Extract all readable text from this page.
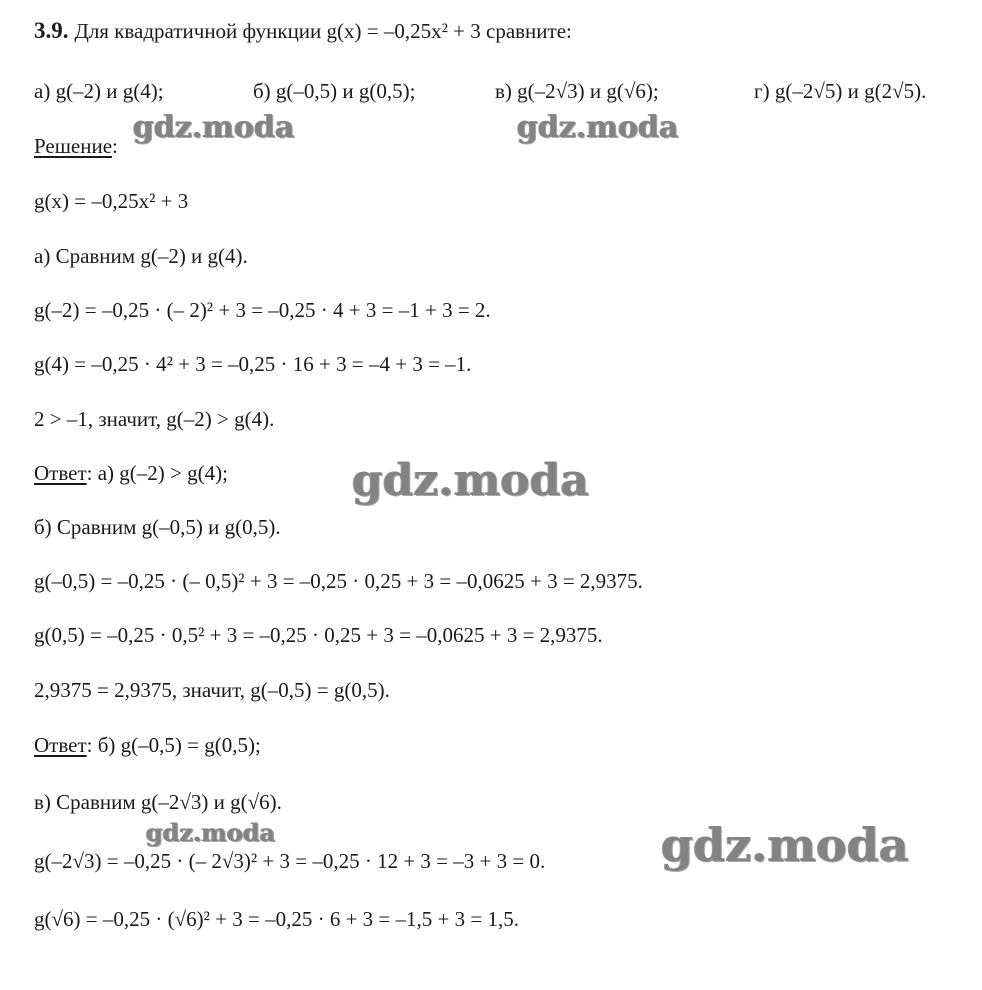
3.9. Для квадратичной функции g(x) = –0,25x² + 3 сравните:
а) g(–2) и g(4);	б) g(–0,5) и g(0,5);	в) g(–2√3) и g(√6);	г) g(–2√5) и g(2√5).
Решение:
g(x) = –0,25x² + 3
а) Сравним g(–2) и g(4).
g(–2) = –0,25 · (– 2)² + 3 = –0,25 · 4 + 3 = –1 + 3 = 2.
g(4) = –0,25 · 4² + 3 = –0,25 · 16 + 3 = –4 + 3 = –1.
2 > –1, значит, g(–2) > g(4).
Ответ: а) g(–2) > g(4);
б) Сравним g(–0,5) и g(0,5).
g(–0,5) = –0,25 · (– 0,5)² + 3 = –0,25 · 0,25 + 3 = –0,0625 + 3 = 2,9375.
g(0,5) = –0,25 · 0,5² + 3 = –0,25 · 0,25 + 3 = –0,0625 + 3 = 2,9375.
2,9375 = 2,9375, значит, g(–0,5) = g(0,5).
Ответ: б) g(–0,5) = g(0,5);
в) Сравним g(–2√3) и g(√6).
g(–2√3) = –0,25 · (– 2√3)² + 3 = –0,25 · 12 + 3 = –3 + 3 = 0.
g(√6) = –0,25 · (√6)² + 3 = –0,25 · 6 + 3 = –1,5 + 3 = 1,5.
gdz.moda	gdz.moda
gdz.moda
gdz.moda	gdz.moda
